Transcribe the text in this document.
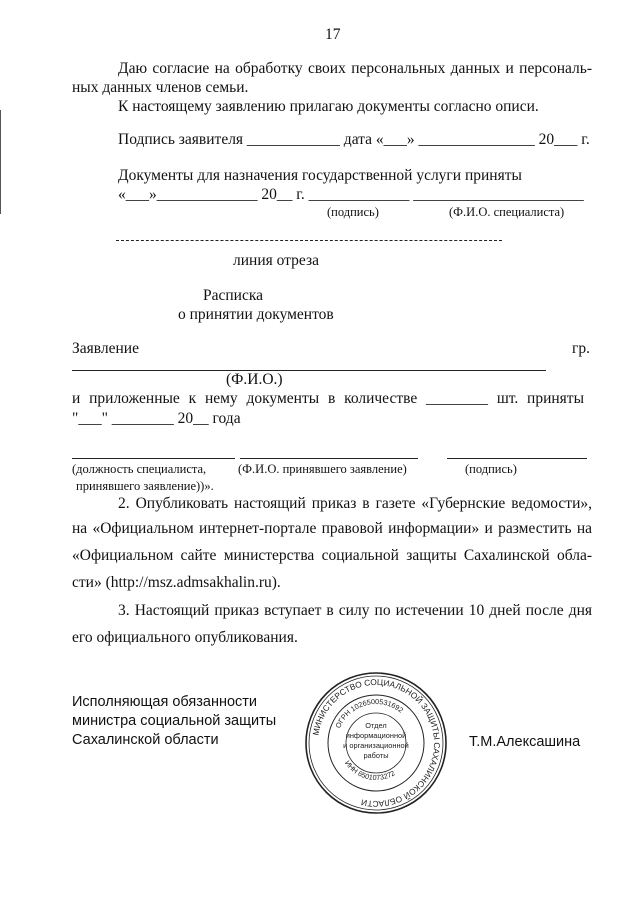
17
Даю согласие на обработку своих персональных данных и персональ-
ных данных членов семьи.
К настоящему заявлению прилагаю документы согласно описи.
Подпись заявителя ____________ дата «___» _______________ 20___ г.
Документы для назначения государственной услуги приняты
«___»_____________ 20__ г. _____________ ______________________
(подпись)	(Ф.И.О. специалиста)
линия отреза
Расписка
о принятии документов
Заявление	гр.
(Ф.И.О.)
и приложенные к нему документы в количестве ________ шт. приняты
"___" ________ 20__ года
(должность специалиста,
принявшего заявление))».
(Ф.И.О. принявшего заявление)	(подпись)
2. Опубликовать настоящий приказ в газете «Губернские ведомости»,
на «Официальном интернет-портале правовой информации» и разместить на
«Официальном сайте министерства социальной защиты Сахалинской обла-
сти» (http://msz.admsakhalin.ru).
3. Настоящий приказ вступает в силу по истечении 10 дней после дня
его официального опубликования.
Исполняющая обязанности
министра социальной защиты
Сахалинской области	Т.М.Алексашина
МИНИСТЕРСТВО СОЦИАЛЬНОЙ ЗАЩИТЫ САХАЛИНСКОЙ ОБЛАСТИ
ОГРН 1026500531692
ИНН 6501073272
Отдел
информационной
и организационной
работы
